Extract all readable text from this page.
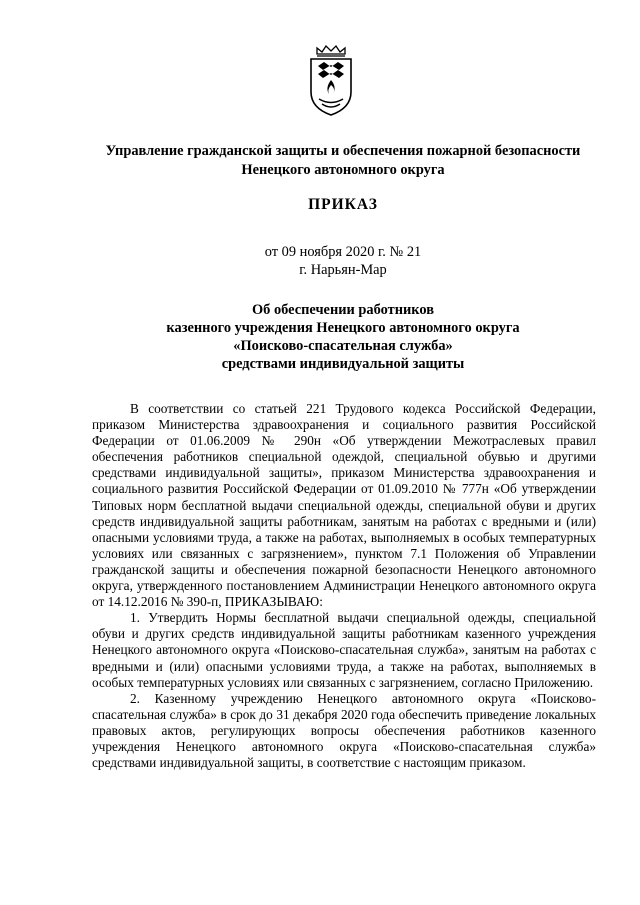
Управление гражданской защиты и обеспечения пожарной безопасности
Ненецкого автономного округа
ПРИКАЗ
от 09 ноября 2020 г. № 21
г. Нарьян-Мар
Об обеспечении работников
казенного учреждения Ненецкого автономного округа
«Поисково-спасательная служба»
средствами индивидуальной защиты

В соответствии со статьей 221 Трудового кодекса Российской Федерации, приказом Министерства здравоохранения и социального развития Российской Федерации от 01.06.2009 № 290н «Об утверждении Межотраслевых правил обеспечения работников специальной одеждой, специальной обувью и другими средствами индивидуальной защиты», приказом Министерства здравоохранения и социального развития Российской Федерации от 01.09.2010 № 777н «Об утверждении Типовых норм бесплатной выдачи специальной одежды, специальной обуви и других средств индивидуальной защиты работникам, занятым на работах с вредными и (или) опасными условиями труда, а также на работах, выполняемых в особых температурных условиях или связанных с загрязнением», пунктом 7.1 Положения об Управлении гражданской защиты и обеспечения пожарной безопасности Ненецкого автономного округа, утвержденного постановлением Администрации Ненецкого автономного округа от 14.12.2016 № 390-п, ПРИКАЗЫВАЮ:

1. Утвердить Нормы бесплатной выдачи специальной одежды, специальной обуви и других средств индивидуальной защиты работникам казенного учреждения Ненецкого автономного округа «Поисково-спасательная служба», занятым на работах с вредными и (или) опасными условиями труда, а также на работах, выполняемых в особых температурных условиях или связанных с загрязнением, согласно Приложению.

2. Казенному учреждению Ненецкого автономного округа «Поисково-спасательная служба» в срок до 31 декабря 2020 года обеспечить приведение локальных правовых актов, регулирующих вопросы обеспечения работников казенного учреждения Ненецкого автономного округа «Поисково-спасательная служба» средствами индивидуальной защиты, в соответствие с настоящим приказом.
